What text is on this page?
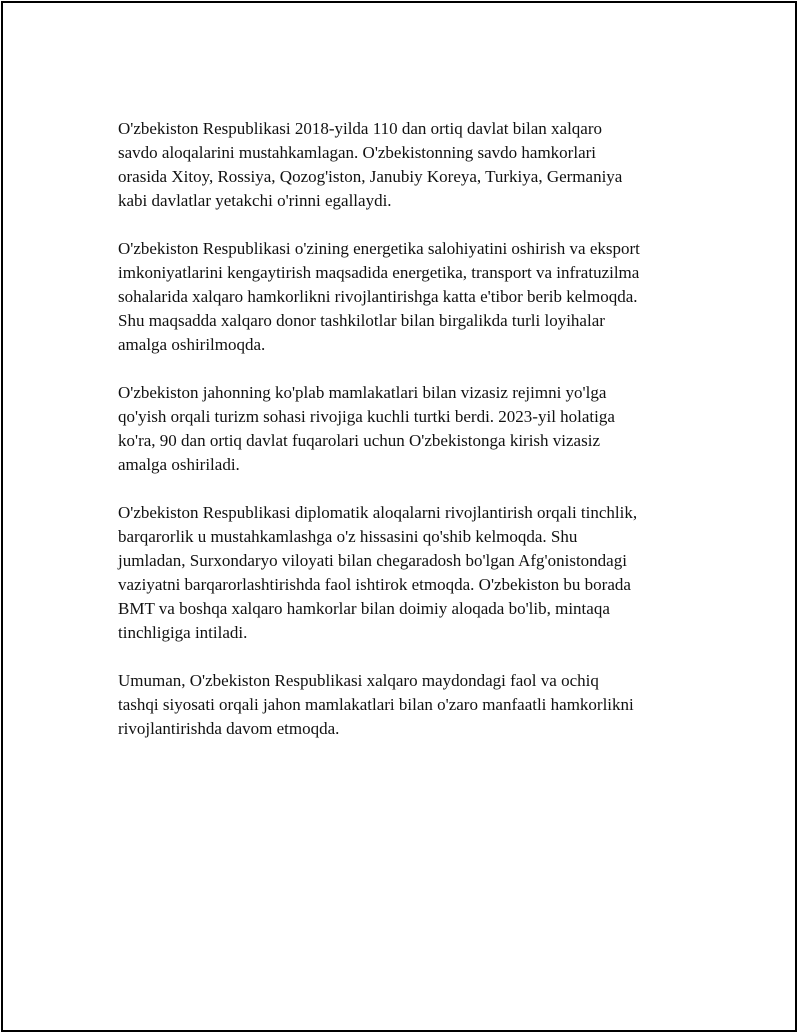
O'zbekiston Respublikasi 2018-yilda 110 dan ortiq davlat bilan xalqaro
savdo aloqalarini mustahkamlagan. O'zbekistonning savdo hamkorlari
orasida Xitoy, Rossiya, Qozog'iston, Janubiy Koreya, Turkiya, Germaniya
kabi davlatlar yetakchi o'rinni egallaydi.

O'zbekiston Respublikasi o'zining energetika salohiyatini oshirish va eksport
imkoniyatlarini kengaytirish maqsadida energetika, transport va infratuzilma
sohalarida xalqaro hamkorlikni rivojlantirishga katta e'tibor berib kelmoqda.
Shu maqsadda xalqaro donor tashkilotlar bilan birgalikda turli loyihalar
amalga oshirilmoqda.

O'zbekiston jahonning ko'plab mamlakatlari bilan vizasiz rejimni yo'lga
qo'yish orqali turizm sohasi rivojiga kuchli turtki berdi. 2023-yil holatiga
ko'ra, 90 dan ortiq davlat fuqarolari uchun O'zbekistonga kirish vizasiz
amalga oshiriladi.

O'zbekiston Respublikasi diplomatik aloqalarni rivojlantirish orqali tinchlik,
barqarorlik u mustahkamlashga o'z hissasini qo'shib kelmoqda. Shu
jumladan, Surxondaryo viloyati bilan chegaradosh bo'lgan Afg'onistondagi
vaziyatni barqarorlashtirishda faol ishtirok etmoqda. O'zbekiston bu borada
BMT va boshqa xalqaro hamkorlar bilan doimiy aloqada bo'lib, mintaqa
tinchligiga intiladi.

Umuman, O'zbekiston Respublikasi xalqaro maydondagi faol va ochiq
tashqi siyosati orqali jahon mamlakatlari bilan o'zaro manfaatli hamkorlikni
rivojlantirishda davom etmoqda.
